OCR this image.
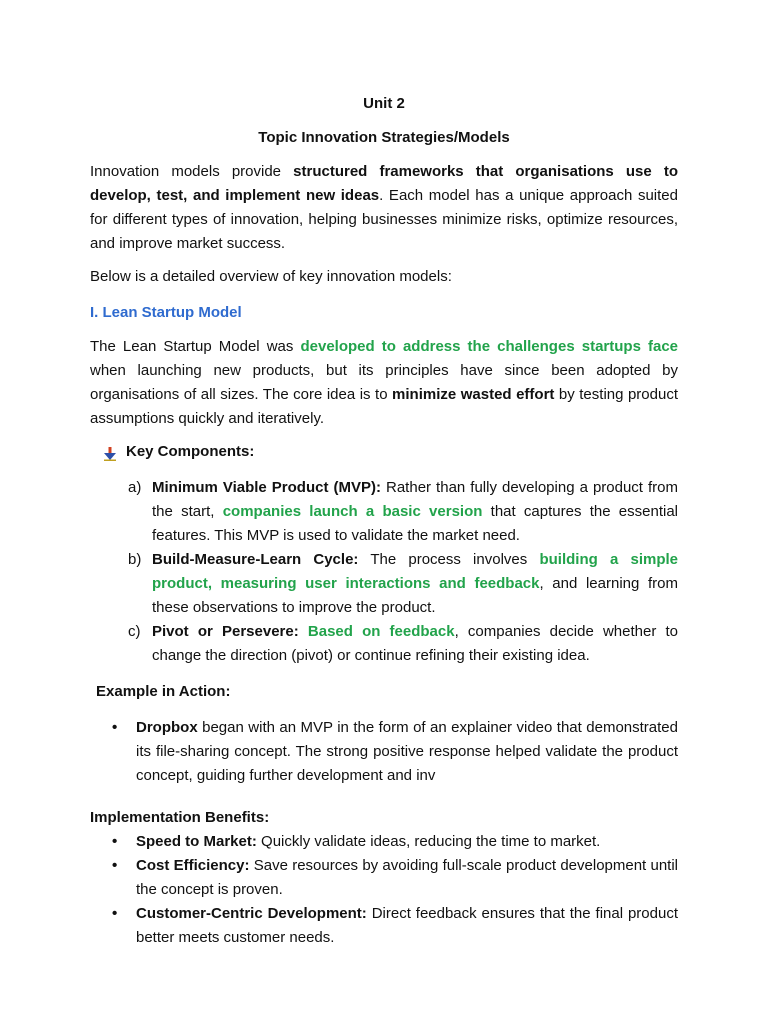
Unit 2
Topic Innovation Strategies/Models

Innovation models provide structured frameworks that organisations use to develop, test, and implement new ideas. Each model has a unique approach suited for different types of innovation, helping businesses minimize risks, optimize resources, and improve market success.

Below is a detailed overview of key innovation models:

I. Lean Startup Model

The Lean Startup Model was developed to address the challenges startups face when launching new products, but its principles have since been adopted by organisations of all sizes. The core idea is to minimize wasted effort by testing product assumptions quickly and iteratively.

Key Components:
a) Minimum Viable Product (MVP): Rather than fully developing a product from the start, companies launch a basic version that captures the essential features. This MVP is used to validate the market need.
b) Build-Measure-Learn Cycle: The process involves building a simple product, measuring user interactions and feedback, and learning from these observations to improve the product.
c) Pivot or Persevere: Based on feedback, companies decide whether to change the direction (pivot) or continue refining their existing idea.
Example in Action:
•	Dropbox began with an MVP in the form of an explainer video that demonstrated its file-sharing concept. The strong positive response helped validate the product concept, guiding further development and inv
Implementation Benefits:
•	Speed to Market: Quickly validate ideas, reducing the time to market.
•	Cost Efficiency: Save resources by avoiding full-scale product development until the concept is proven.
•	Customer-Centric Development: Direct feedback ensures that the final product better meets customer needs.
